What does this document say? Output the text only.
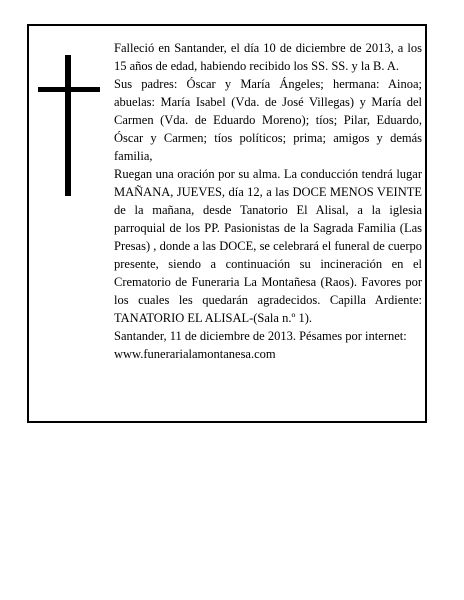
Falleció en Santander, el día 10 de diciembre de 2013, a los 15 años de edad, habiendo recibido los SS. SS. y la B. A.

Sus padres: Óscar y María Ángeles; hermana: Ainoa; abuelas: María Isabel (Vda. de José Villegas) y María del Carmen (Vda. de Eduardo Moreno); tíos; Pilar, Eduardo, Óscar y Carmen; tíos políticos; prima; amigos y demás familia,

Ruegan una oración por su alma. La conducción tendrá lugar MAÑANA, JUEVES, día 12, a las DOCE MENOS VEINTE de la mañana, desde Tanatorio El Alisal, a la iglesia parroquial de los PP. Pasionistas de la Sagrada Familia (Las Presas) , donde a las DOCE, se celebrará el funeral de cuerpo presente, siendo a continuación su incineración en el Crematorio de Funeraria La Montañesa (Raos). Favores por los cuales les quedarán agradecidos. Capilla Ardiente: TANATORIO EL ALISAL-(Sala n.º 1).

Santander, 11 de diciembre de 2013. Pésames por internet: www.funerarialamontanesa.com
